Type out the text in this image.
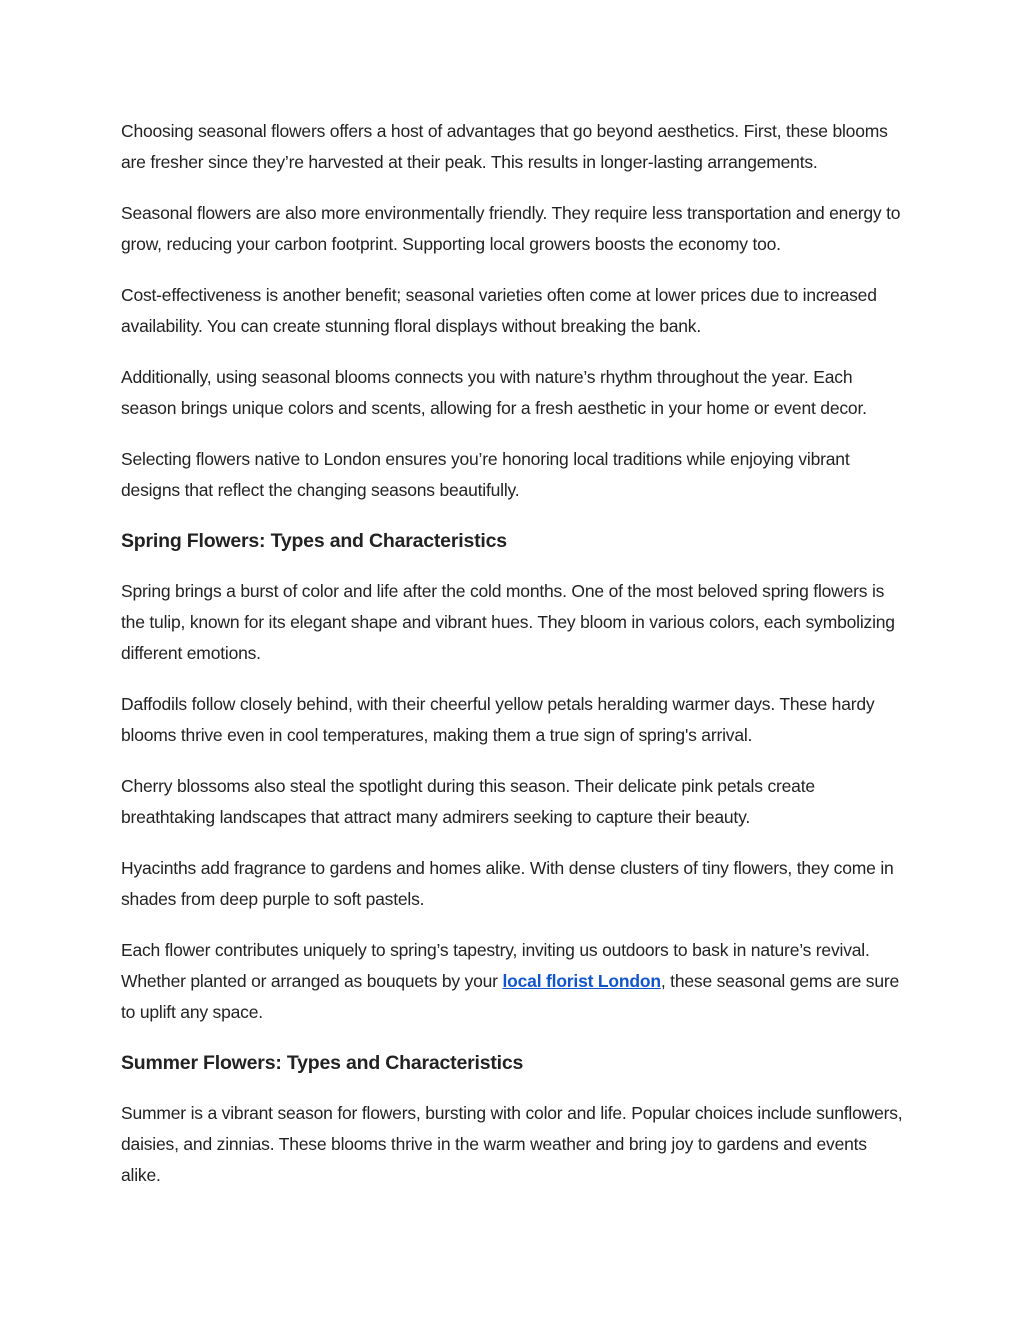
Choosing seasonal flowers offers a host of advantages that go beyond aesthetics. First, these blooms are fresher since they’re harvested at their peak. This results in longer-lasting arrangements.

Seasonal flowers are also more environmentally friendly. They require less transportation and energy to grow, reducing your carbon footprint. Supporting local growers boosts the economy too.

Cost-effectiveness is another benefit; seasonal varieties often come at lower prices due to increased availability. You can create stunning floral displays without breaking the bank.

Additionally, using seasonal blooms connects you with nature’s rhythm throughout the year. Each season brings unique colors and scents, allowing for a fresh aesthetic in your home or event decor.

Selecting flowers native to London ensures you’re honoring local traditions while enjoying vibrant designs that reflect the changing seasons beautifully.

Spring Flowers: Types and Characteristics

Spring brings a burst of color and life after the cold months. One of the most beloved spring flowers is the tulip, known for its elegant shape and vibrant hues. They bloom in various colors, each symbolizing different emotions.

Daffodils follow closely behind, with their cheerful yellow petals heralding warmer days. These hardy blooms thrive even in cool temperatures, making them a true sign of spring's arrival.

Cherry blossoms also steal the spotlight during this season. Their delicate pink petals create breathtaking landscapes that attract many admirers seeking to capture their beauty.

Hyacinths add fragrance to gardens and homes alike. With dense clusters of tiny flowers, they come in shades from deep purple to soft pastels.

Each flower contributes uniquely to spring’s tapestry, inviting us outdoors to bask in nature’s revival. Whether planted or arranged as bouquets by your local florist London, these seasonal gems are sure to uplift any space.

Summer Flowers: Types and Characteristics

Summer is a vibrant season for flowers, bursting with color and life. Popular choices include sunflowers, daisies, and zinnias. These blooms thrive in the warm weather and bring joy to gardens and events alike.
